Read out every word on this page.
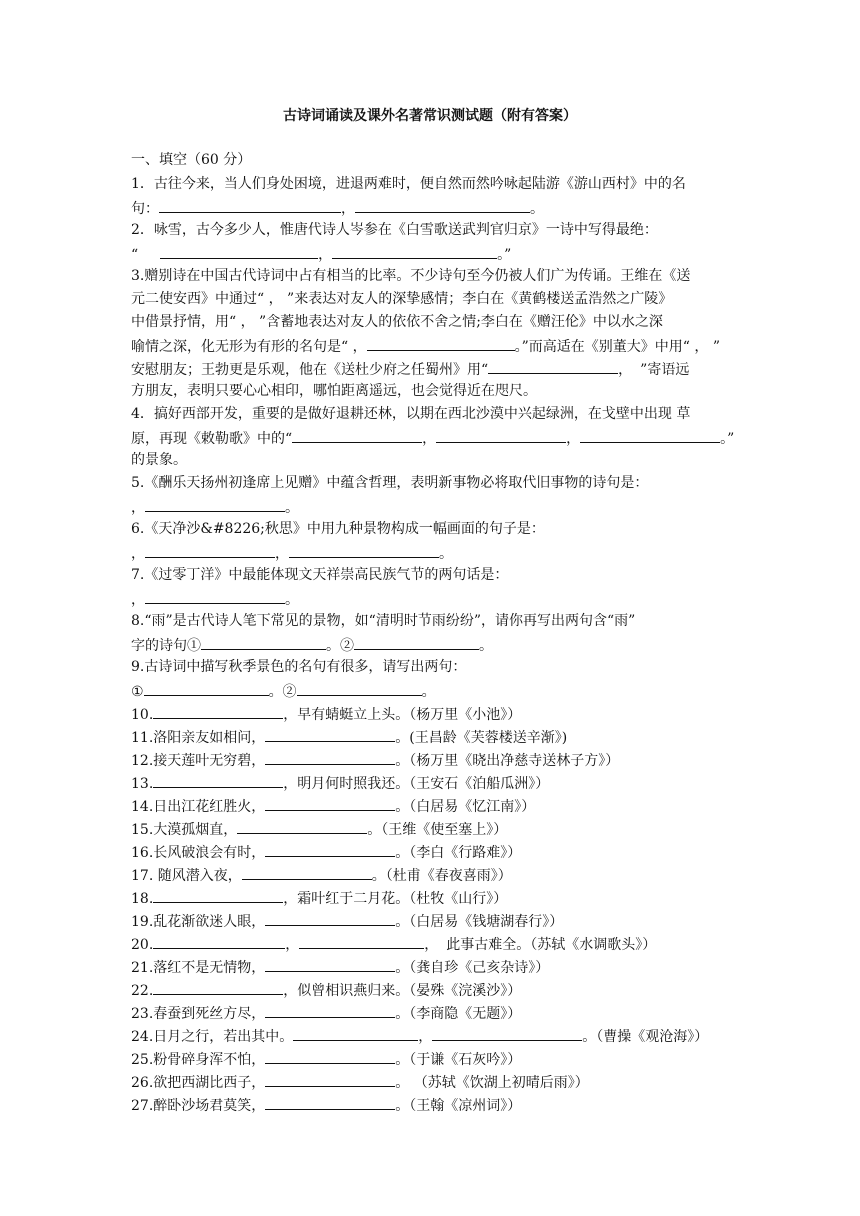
古诗词诵读及课外名著常识测试题（附有答案）
一、填空（60 分）
1．古往今来，当人们身处困境，进退两难时，便自然而然吟咏起陆游《游山西村》中的名
句：	，	。
2．咏雪，古今多少人，惟唐代诗人岑参在《白雪歌送武判官归京》一诗中写得最绝：
“	，	。”
3.赠别诗在中国古代诗词中占有相当的比率。不少诗句至今仍被人们广为传诵。王维在《送
元二使安西》中通过“ ， ”来表达对友人的深挚感情；李白在《黄鹤楼送孟浩然之广陵》
中借景抒情，用“ ， ”含蓄地表达对友人的依依不舍之情;李白在《赠汪伦》中以水之深
喻情之深，化无形为有形的名句是“ ，	。”而高适在《别董大》中用“ ， ”
安慰朋友；王勃更是乐观，他在《送杜少府之任蜀州》用“	， ”寄语远
方朋友，表明只要心心相印，哪怕距离遥远，也会觉得近在咫尺。
4．搞好西部开发，重要的是做好退耕还林，以期在西北沙漠中兴起绿洲，在戈壁中出现 草
原，再现《敕勒歌》中的“	，	，	。”
的景象。
5.《酬乐天扬州初逢席上见赠》中蕴含哲理，表明新事物必将取代旧事物的诗句是：
，	。
6.《天净沙&#8226;秋思》中用九种景物构成一幅画面的句子是：
，	，	。
7.《过零丁洋》中最能体现文天祥崇高民族气节的两句话是：
，	。
8.“雨”是古代诗人笔下常见的景物，如“清明时节雨纷纷”，请你再写出两句含“雨”
字的诗句①	。②	。
9.古诗词中描写秋季景色的名句有很多，请写出两句：
①	。②	。
10.	，早有蜻蜓立上头。（杨万里《小池》）
11.洛阳亲友如相问，	。(王昌龄《芙蓉楼送辛渐》)
12.接天莲叶无穷碧，	。（杨万里《晓出净慈寺送林子方》）
13.	，明月何时照我还。（王安石《泊船瓜洲》）
14.日出江花红胜火，	。（白居易《忆江南》）
15.大漠孤烟直，	。（王维《使至塞上》）
16.长风破浪会有时，	。（李白《行路难》）
17. 随风潜入夜，	。（杜甫《春夜喜雨》）
18.	，霜叶红于二月花。（杜牧《山行》）
19.乱花渐欲迷人眼，	。（白居易《钱塘湖春行》）
20.	，	， 此事古难全。（苏轼《水调歌头》）
21.落红不是无情物，	。（龚自珍《己亥杂诗》）
22.	，似曾相识燕归来。（晏殊《浣溪沙》）
23.春蚕到死丝方尽，	。（李商隐《无题》）
24.日月之行，若出其中。	，	。（曹操《观沧海》）
25.粉骨碎身浑不怕，	。（于谦《石灰吟》）
26.欲把西湖比西子，	。 （苏轼《饮湖上初晴后雨》）
27.醉卧沙场君莫笑，	。（王翰《凉州词》）
